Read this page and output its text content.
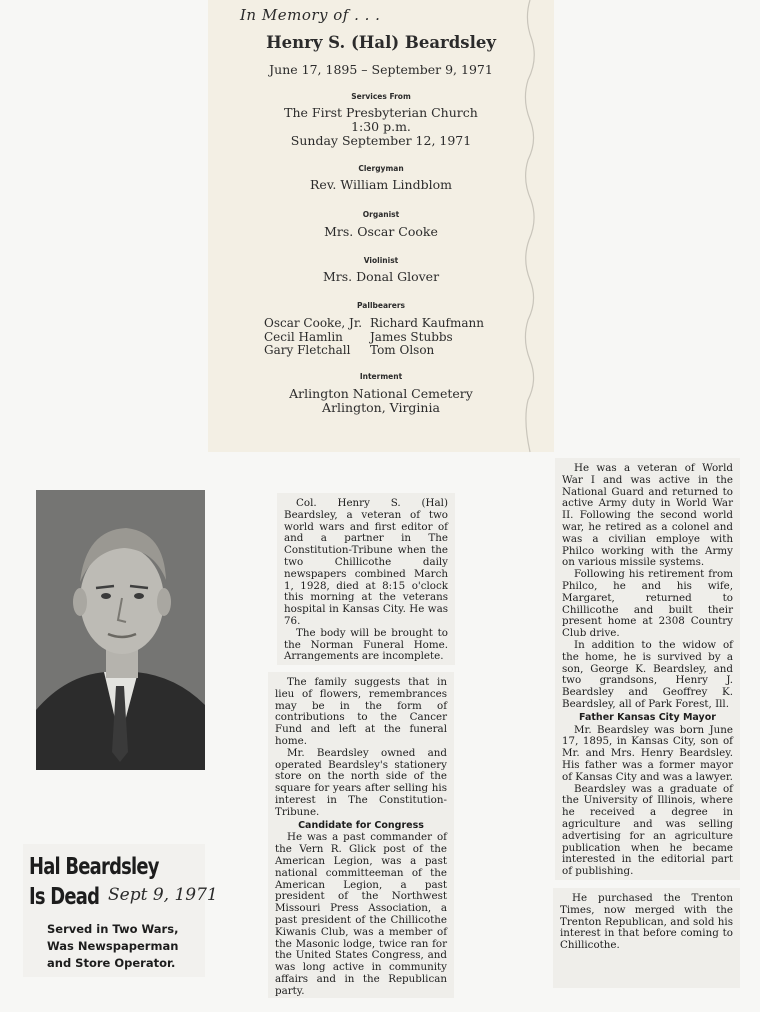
In Memory of . . .
Henry S. (Hal) Beardsley
June 17, 1895 – September 9, 1971
Services From
The First Presbyterian Church
1:30 p.m.
Sunday September 12, 1971
Clergyman
Rev. William Lindblom
Organist
Mrs. Oscar Cooke
Violinist
Mrs. Donal Glover
Pallbearers
Oscar Cooke, Jr.
Cecil Hamlin
Gary Fletchall
Richard Kaufmann
James Stubbs
Tom Olson
Interment
Arlington National Cemetery
Arlington, Virginia
Hal Beardsley
Is Dead Sept 9, 1971
Served in Two Wars,
Was Newspaperman
and Store Operator.

Col. Henry S. (Hal) Beardsley, a veteran of two world wars and first editor of and a partner in The Constitution-Tribune when the two Chillicothe daily newspapers combined March 1, 1928, died at 8:15 o'clock this morning at the veterans hospital in Kansas City. He was 76.

The body will be brought to the Norman Funeral Home. Arrangements are incomplete.

The family suggests that in lieu of flowers, remembrances may be in the form of contributions to the Cancer Fund and left at the funeral home.

Mr. Beardsley owned and operated Beardsley's stationery store on the north side of the square for years after selling his interest in The Constitution-Tribune.

Candidate for Congress

He was a past commander of the Vern R. Glick post of the American Legion, was a past national committeeman of the American Legion, a past president of the Northwest Missouri Press Association, a past president of the Chillicothe Kiwanis Club, was a member of the Masonic lodge, twice ran for the United States Congress, and was long active in community affairs and in the Republican party.

He was a veteran of World War I and was active in the National Guard and returned to active Army duty in World War II. Following the second world war, he retired as a colonel and was a civilian employe with Philco working with the Army on various missile systems.

Following his retirement from Philco, he and his wife, Margaret, returned to Chillicothe and built their present home at 2308 Country Club drive.

In addition to the widow of the home, he is survived by a son, George K. Beardsley, and two grandsons, Henry J. Beardsley and Geoffrey K. Beardsley, all of Park Forest, Ill.

Father Kansas City Mayor

Mr. Beardsley was born June 17, 1895, in Kansas City, son of Mr. and Mrs. Henry Beardsley. His father was a former mayor of Kansas City and was a lawyer.

Beardsley was a graduate of the University of Illinois, where he received a degree in agriculture and was selling advertising for an agriculture publication when he became interested in the editorial part of publishing.

He purchased the Trenton Times, now merged with the Trenton Republican, and sold his interest in that before coming to Chillicothe.
